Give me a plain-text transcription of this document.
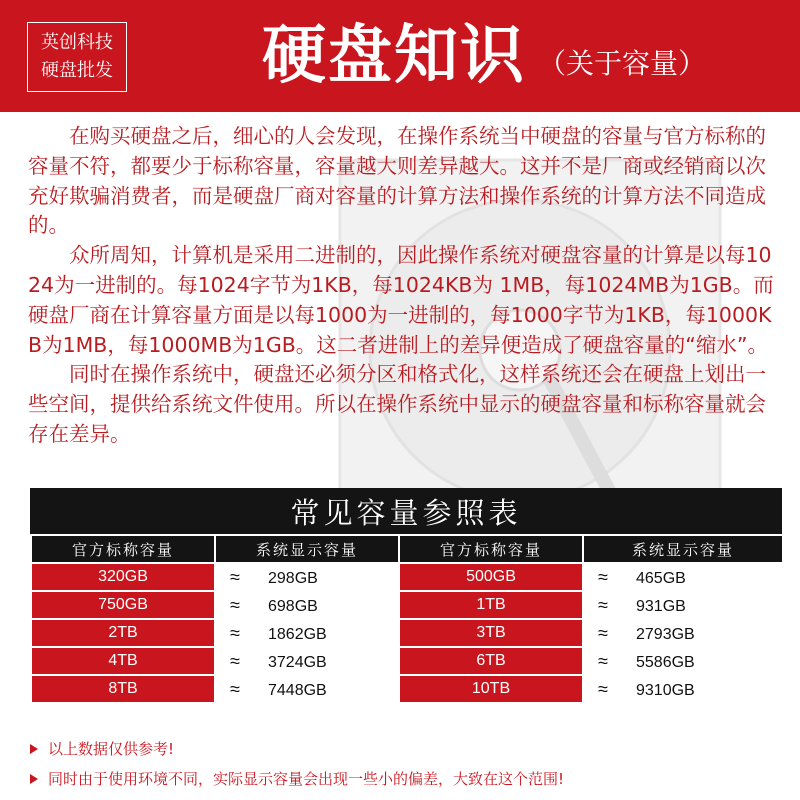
英创科技
硬盘批发 硬盘知识 （关于容量）

在购买硬盘之后，细心的人会发现，在操作系统当中硬盘的容量与官方标称的容量不符，都要少于标称容量，容量越大则差异越大。这并不是厂商或经销商以次充好欺骗消费者，而是硬盘厂商对容量的计算方法和操作系统的计算方法不同造成的。

众所周知，计算机是采用二进制的，因此操作系统对硬盘容量的计算是以每1024为一进制的。每1024字节为1KB，每1024KB为 1MB，每1024MB为1GB。而硬盘厂商在计算容量方面是以每1000为一进制的，每1000字节为1KB，每1000KB为1MB，每1000MB为1GB。这二者进制上的差异便造成了硬盘容量的“缩水”。

同时在操作系统中，硬盘还必须分区和格式化，这样系统还会在硬盘上划出一些空间，提供给系统文件使用。所以在操作系统中显示的硬盘容量和标称容量就会存在差异。

常见容量参照表
官方标称容量	系统显示容量	官方标称容量	系统显示容量
320GB	≈ 298GB	500GB	≈ 465GB
750GB	≈ 698GB	1TB	≈ 931GB
2TB	≈ 1862GB	3TB	≈ 2793GB
4TB	≈ 3724GB	6TB	≈ 5586GB
8TB	≈ 7448GB	10TB	≈ 9310GB
以上数据仅供参考!
同时由于使用环境不同，实际显示容量会出现一些小的偏差，大致在这个范围!
